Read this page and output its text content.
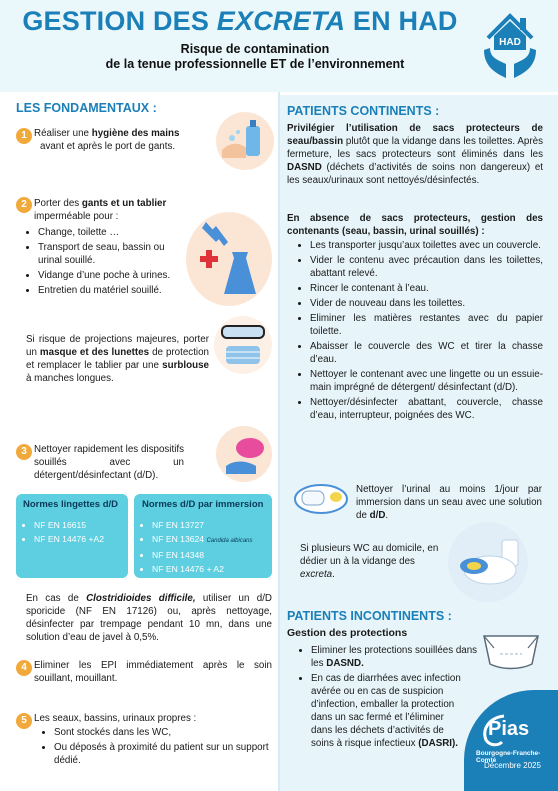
GESTION DES EXCRETA EN HAD
Risque de contamination
de la tenue professionnelle ET de l’environnement
HAD
LES FONDAMENTAUX :
1 Réaliser une hygiène des mains
avant et après le port de gants.
2 Porter des gants et un tablier imperméable pour :
• Change, toilette …
• Transport de seau, bassin ou urinal souillé.
• Vidange d’une poche à urines.
• Entretien du matériel souillé.
Si risque de projections majeures, porter un masque et des lunettes de protection et remplacer le tablier par une surblouse à manches longues.
3 Nettoyer rapidement les dispositifs souillés avec un détergent/désinfectant (d/D).
Normes lingettes d/D
• NF EN 16615
• NF EN 14476 +A2
Normes d/D par immersion
• NF EN 13727
• NF EN 13624 Candida albicans
• NF EN 14348
• NF EN 14476 + A2
En cas de Clostridioides difficile, utiliser un d/D sporicide (NF EN 17126) ou, après nettoyage, désinfecter par trempage pendant 10 mn, dans une solution d’eau de javel à 0,5%.
4 Eliminer les EPI immédiatement après le soin souillant, mouillant.
5 Les seaux, bassins, urinaux propres :
• Sont stockés dans les WC,
• Ou déposés à proximité du patient sur un support dédié.
PATIENTS CONTINENTS :
Privilégier l’utilisation de sacs protecteurs de seau/bassin plutôt que la vidange dans les toilettes. Après fermeture, les sacs protecteurs sont éliminés dans les DASND (déchets d’activités de soins non dangereux) et les seaux/urinaux sont nettoyés/désinfectés.
En absence de sacs protecteurs, gestion des contenants (seau, bassin, urinal souillés) :
• Les transporter jusqu’aux toilettes avec un couvercle.
• Vider le contenu avec précaution dans les toilettes, abattant relevé.
• Rincer le contenant à l’eau.
• Vider de nouveau dans les toilettes.
• Eliminer les matières restantes avec du papier toilette.
• Abaisser le couvercle des WC et tirer la chasse d’eau.
• Nettoyer le contenant avec une lingette ou un essuie-main imprégné de détergent/ désinfectant (d/D).
• Nettoyer/désinfecter abattant, couvercle, chasse d’eau, interrupteur, poignées des WC.
Nettoyer l’urinal au moins 1/jour par immersion dans un seau avec une solution de d/D.
Si plusieurs WC au domicile, en dédier un à la vidange des excreta.
PATIENTS INCONTINENTS :
Gestion des protections
• Eliminer les protections souillées dans les DASND.
• En cas de diarrhées avec infection avérée ou en cas de suspicion d’infection, emballer la protection dans un sac fermé et l’éliminer dans les déchets d’activités de soins à risque infectieux (DASRI).
Pias
Bourgogne-Franche-Comté
Décembre 2025
